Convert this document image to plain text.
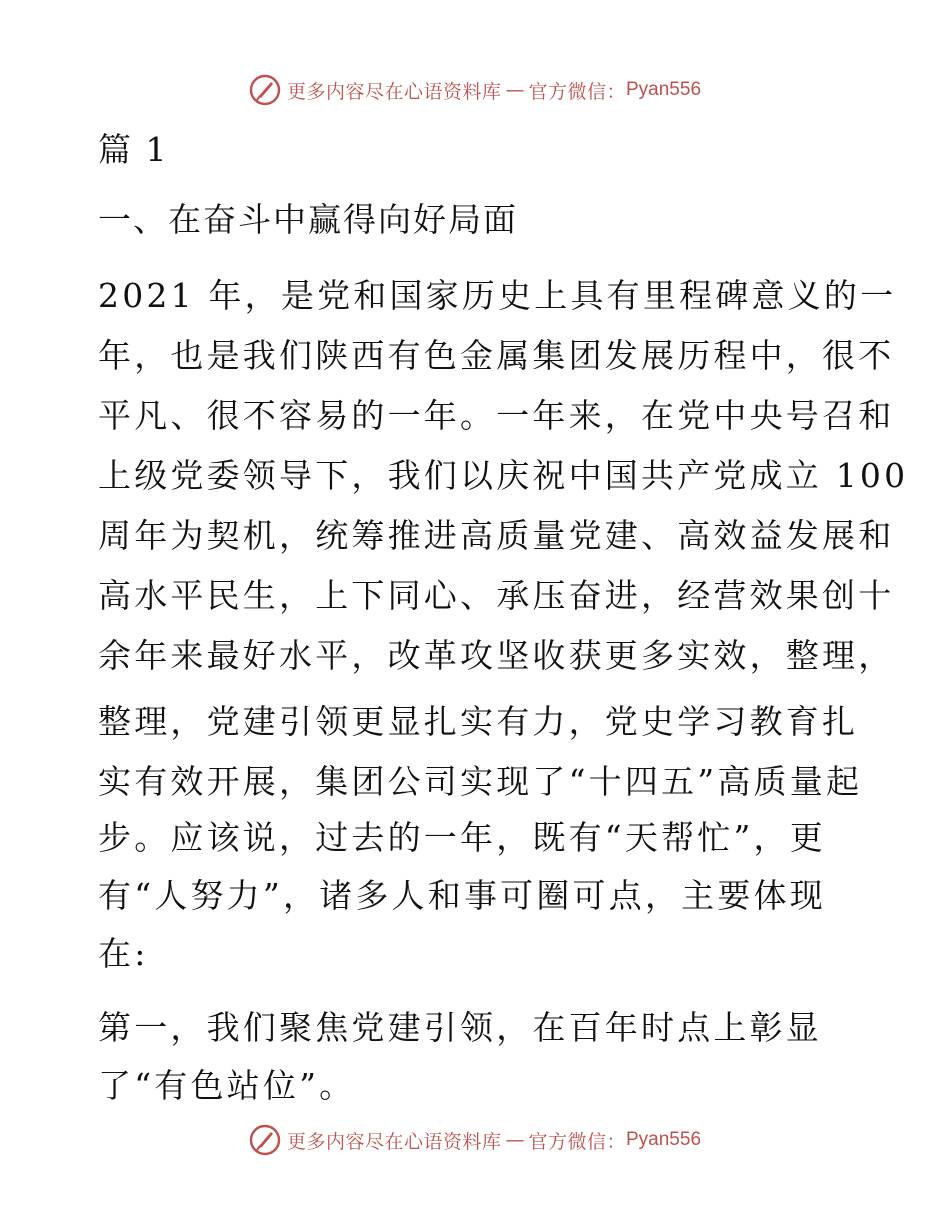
更多内容尽在心语资料库 — 官方微信： Pyan556
篇 1
一、在奋斗中赢得向好局面
2021 年，是党和国家历史上具有里程碑意义的一
年，也是我们陕西有色金属集团发展历程中，很不
平凡、很不容易的一年。一年来，在党中央号召和
上级党委领导下，我们以庆祝中国共产党成立 100
周年为契机，统筹推进高质量党建、高效益发展和
高水平民生，上下同心、承压奋进，经营效果创十
余年来最好水平，改革攻坚收获更多实效，整理，
整理，党建引领更显扎实有力，党史学习教育扎
实有效开展，集团公司实现了“十四五”高质量起
步。应该说，过去的一年，既有“天帮忙”，更
有“人努力”，诸多人和事可圈可点，主要体现
在:
第一，我们聚焦党建引领，在百年时点上彰显
了“有色站位”。
更多内容尽在心语资料库 — 官方微信： Pyan556
